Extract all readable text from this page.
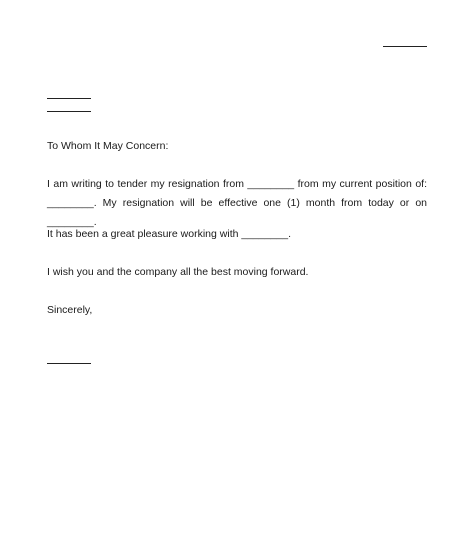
To Whom It May Concern:
I am writing to tender my resignation from ________ from my current position of: ________. My resignation will be effective one (1) month from today or on ________.
It has been a great pleasure working with ________.
I wish you and the company all the best moving forward.
Sincerely,
